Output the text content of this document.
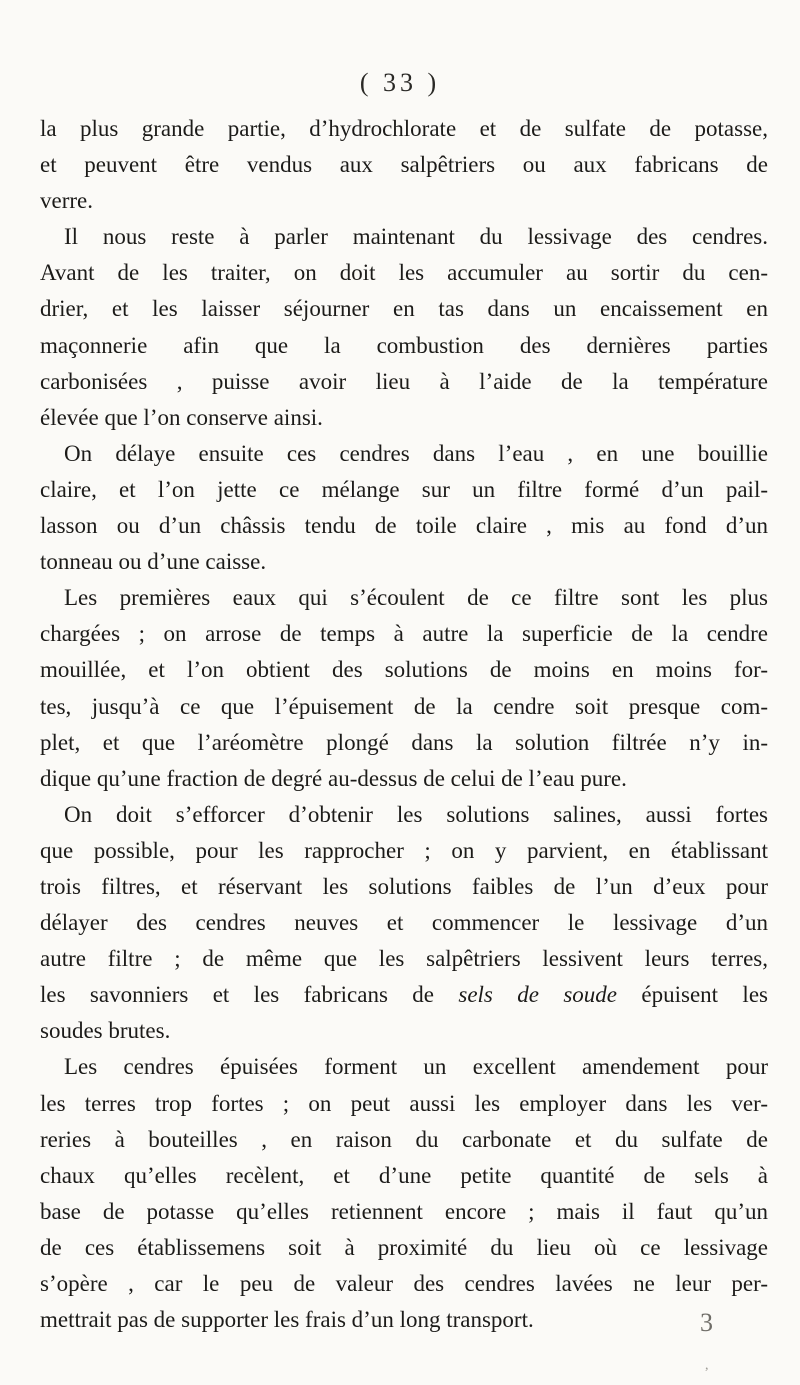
( 33 )
la plus grande partie, d’hydrochlorate et de sulfate de potasse,
et peuvent être vendus aux salpêtriers ou aux fabricans de
verre.
Il nous reste à parler maintenant du lessivage des cendres.
Avant de les traiter, on doit les accumuler au sortir du cen-
drier, et les laisser séjourner en tas dans un encaissement en
maçonnerie afin que la combustion des dernières parties
carbonisées , puisse avoir lieu à l’aide de la température
élevée que l’on conserve ainsi.
On délaye ensuite ces cendres dans l’eau , en une bouillie
claire, et l’on jette ce mélange sur un filtre formé d’un pail-
lasson ou d’un châssis tendu de toile claire , mis au fond d’un
tonneau ou d’une caisse.
Les premières eaux qui s’écoulent de ce filtre sont les plus
chargées ; on arrose de temps à autre la superficie de la cendre
mouillée, et l’on obtient des solutions de moins en moins for-
tes, jusqu’à ce que l’épuisement de la cendre soit presque com-
plet, et que l’aréomètre plongé dans la solution filtrée n’y in-
dique qu’une fraction de degré au-dessus de celui de l’eau pure.
On doit s’efforcer d’obtenir les solutions salines, aussi fortes
que possible, pour les rapprocher ; on y parvient, en établissant
trois filtres, et réservant les solutions faibles de l’un d’eux pour
délayer des cendres neuves et commencer le lessivage d’un
autre filtre ; de même que les salpêtriers lessivent leurs terres,
les savonniers et les fabricans de sels de soude épuisent les
soudes brutes.
Les cendres épuisées forment un excellent amendement pour
les terres trop fortes ; on peut aussi les employer dans les ver-
reries à bouteilles , en raison du carbonate et du sulfate de
chaux qu’elles recèlent, et d’une petite quantité de sels à
base de potasse qu’elles retiennent encore ; mais il faut qu’un
de ces établissemens soit à proximité du lieu où ce lessivage
s’opère , car le peu de valeur des cendres lavées ne leur per-
mettrait pas de supporter les frais d’un long transport.	3
,
